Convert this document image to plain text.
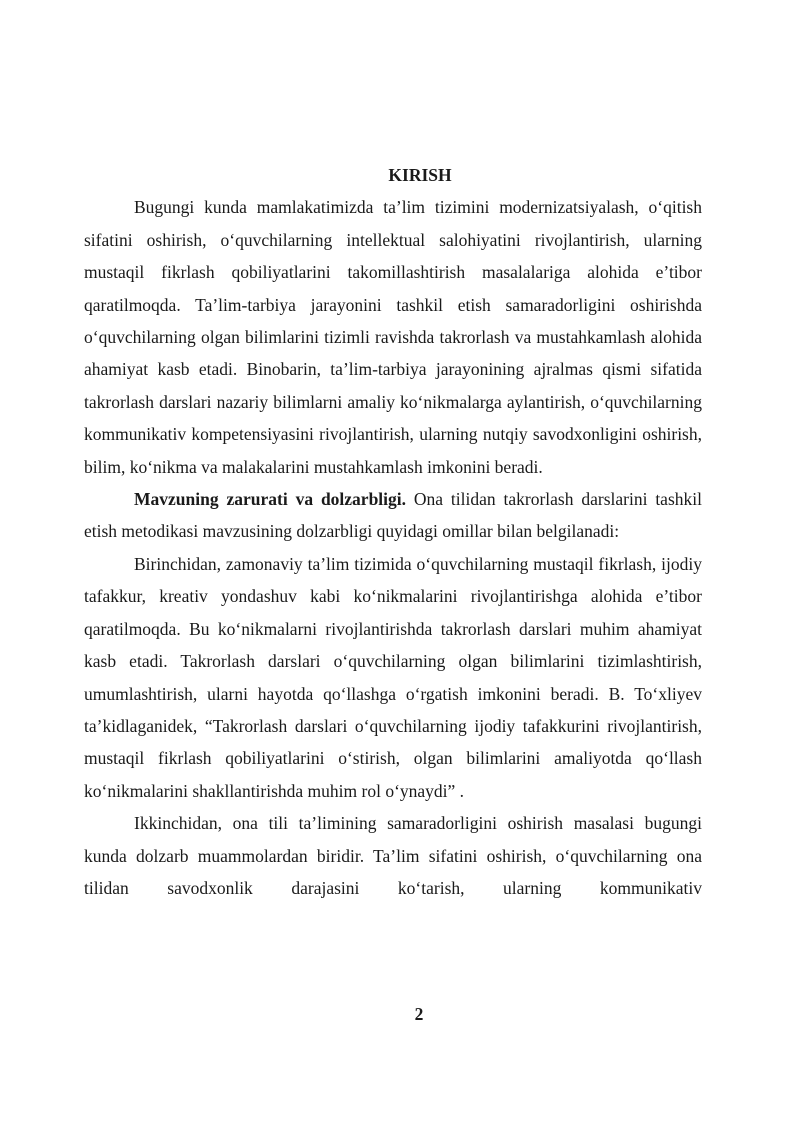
KIRISH

Bugungi kunda mamlakatimizda ta’lim tizimini modernizatsiyalash, o‘qitish sifatini oshirish, o‘quvchilarning intellektual salohiyatini rivojlantirish, ularning mustaqil fikrlash qobiliyatlarini takomillashtirish masalalariga alohida e’tibor qaratilmoqda. Ta’lim-tarbiya jarayonini tashkil etish samaradorligini oshirishda o‘quvchilarning olgan bilimlarini tizimli ravishda takrorlash va mustahkamlash alohida ahamiyat kasb etadi. Binobarin, ta’lim-tarbiya jarayonining ajralmas qismi sifatida takrorlash darslari nazariy bilimlarni amaliy ko‘nikmalarga aylantirish, o‘quvchilarning kommunikativ kompetensiyasini rivojlantirish, ularning nutqiy savodxonligini oshirish, bilim, ko‘nikma va malakalarini mustahkamlash imkonini beradi.

Mavzuning zarurati va dolzarbligi. Ona tilidan takrorlash darslarini tashkil etish metodikasi mavzusining dolzarbligi quyidagi omillar bilan belgilanadi:

Birinchidan, zamonaviy ta’lim tizimida o‘quvchilarning mustaqil fikrlash, ijodiy tafakkur, kreativ yondashuv kabi ko‘nikmalarini rivojlantirishga alohida e’tibor qaratilmoqda. Bu ko‘nikmalarni rivojlantirishda takrorlash darslari muhim ahamiyat kasb etadi. Takrorlash darslari o‘quvchilarning olgan bilimlarini tizimlashtirish, umumlashtirish, ularni hayotda qo‘llashga o‘rgatish imkonini beradi. B. To‘xliyev ta’kidlaganidek, “Takrorlash darslari o‘quvchilarning ijodiy tafakkurini rivojlantirish, mustaqil fikrlash qobiliyatlarini o‘stirish, olgan bilimlarini amaliyotda qo‘llash ko‘nikmalarini shakllantirishda muhim rol o‘ynaydi” .

Ikkinchidan, ona tili ta’limining samaradorligini oshirish masalasi bugungi kunda dolzarb muammolardan biridir. Ta’lim sifatini oshirish, o‘quvchilarning ona tilidan savodxonlik darajasini ko‘tarish, ularning kommunikativ

2
